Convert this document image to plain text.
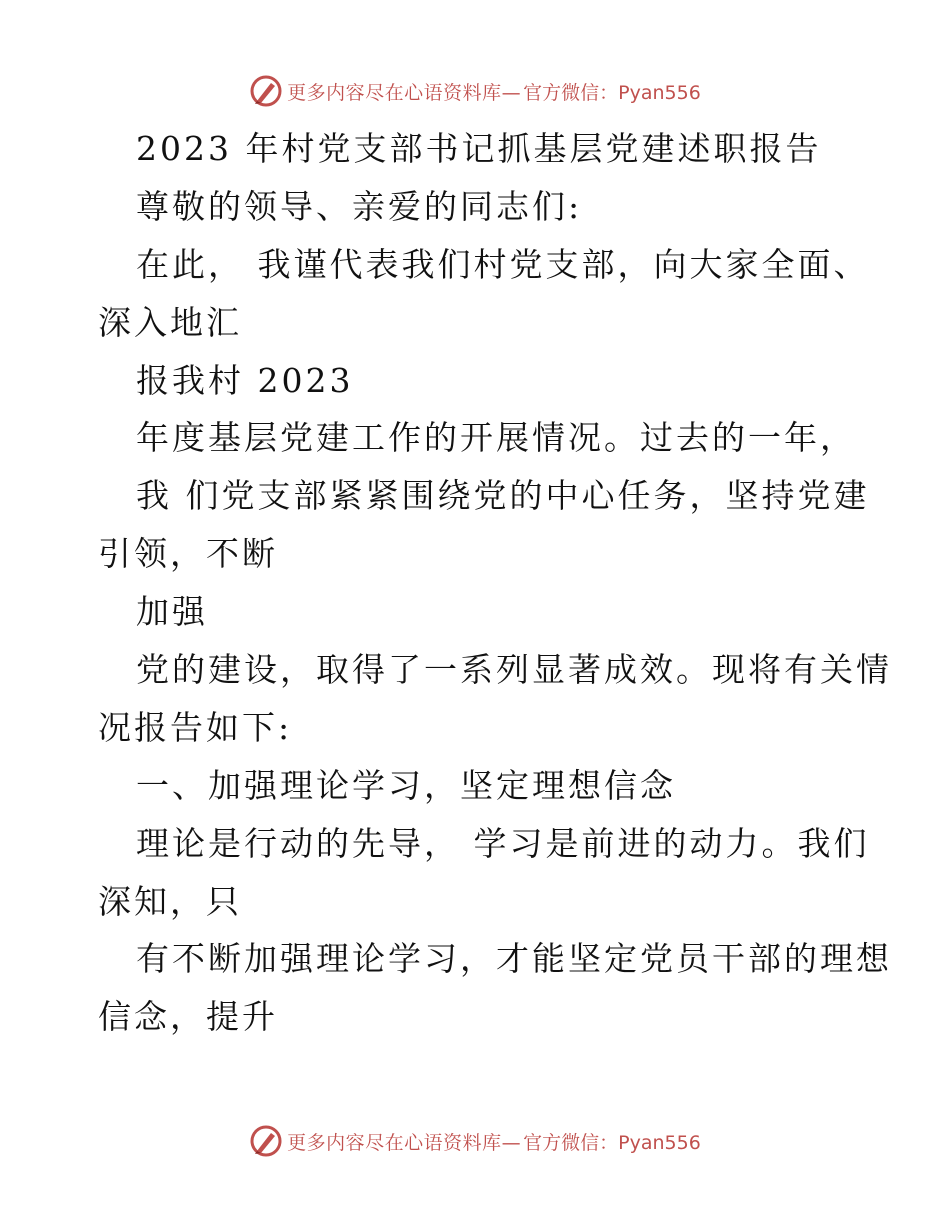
更多内容尽在心语资料库— 官方微信：Pyan556
2023 年村党支部书记抓基层党建述职报告
尊敬的领导、亲爱的同志们:
在此， 我谨代表我们村党支部，向大家全面、
深入地汇
报我村 2023
年度基层党建工作的开展情况。过去的一年，
我 们党支部紧紧围绕党的中心任务，坚持党建
引领，不断
加强
党的建设，取得了一系列显著成效。现将有关情
况报告如下:
一、加强理论学习，坚定理想信念
理论是行动的先导， 学习是前进的动力。我们
深知，只
有不断加强理论学习，才能坚定党员干部的理想
信念，提升
更多内容尽在心语资料库— 官方微信：Pyan556
